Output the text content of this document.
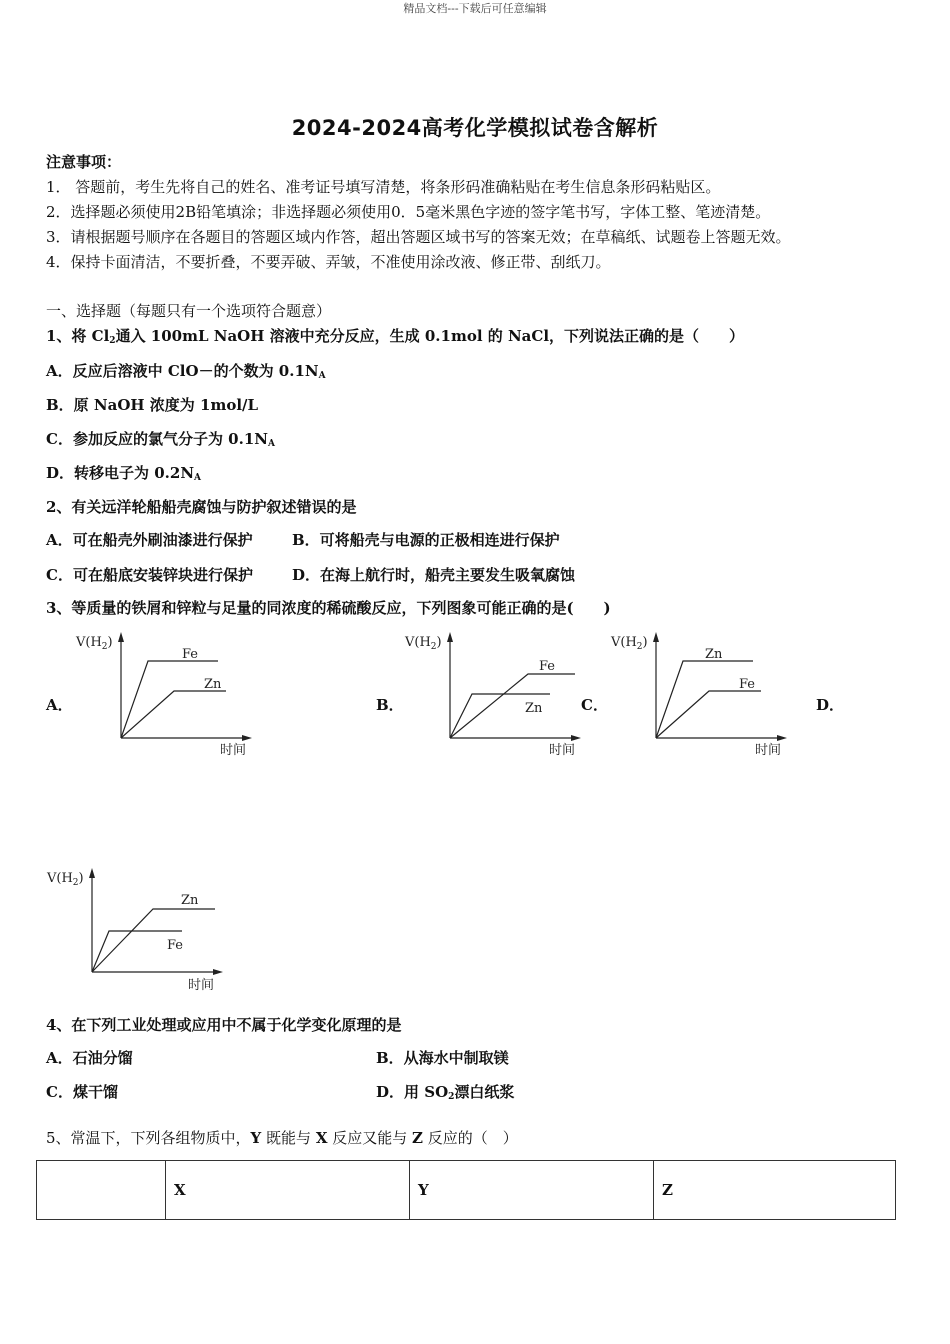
精品文档---下载后可任意编辑
2024-2024高考化学模拟试卷含解析
注意事项：
1． 答题前，考生先将自己的姓名、准考证号填写清楚，将条形码准确粘贴在考生信息条形码粘贴区。
2．选择题必须使用2B铅笔填涂；非选择题必须使用0．5毫米黑色字迹的签字笔书写，字体工整、笔迹清楚。
3．请根据题号顺序在各题目的答题区域内作答，超出答题区域书写的答案无效；在草稿纸、试题卷上答题无效。
4．保持卡面清洁，不要折叠，不要弄破、弄皱，不准使用涂改液、修正带、刮纸刀。
一、选择题（每题只有一个选项符合题意）
1、将 $Cl_2$通入 100mL NaOH 溶液中充分反应，生成 0.1mol 的 NaCl，下列说法正确的是（　　）
A．反应后溶液中 ClO－的个数为 $0.1N_A$
B．原 NaOH 浓度为 1mol/L
C．参加反应的氯气分子为 $0.1N_A$
D．转移电子为 $0.2N_A$
2、有关远洋轮船船壳腐蚀与防护叙述错误的是
A．可在船壳外刷油漆进行保护	B．可将船壳与电源的正极相连进行保护
C．可在船底安装锌块进行保护	D．在海上航行时，船壳主要发生吸氧腐蚀
3、等质量的铁屑和锌粒与足量的同浓度的稀硫酸反应，下列图象可能正确的是(　　)
A．	B．	C．	D．
$V(H_2)$
Fe
Zn
时间
$V(H_2)$
Fe
Zn
时间
$V(H_2)$
Zn
Fe
时间
$V(H_2)$
Zn
Fe
时间
4、在下列工业处理或应用中不属于化学变化原理的是
A．石油分馏	B．从海水中制取镁
C．煤干馏	D．用 $SO_2$漂白纸浆
5、常温下，下列各组物质中，Y 既能与 X 反应又能与 Z 反应的（　）
	X	Y	Z
